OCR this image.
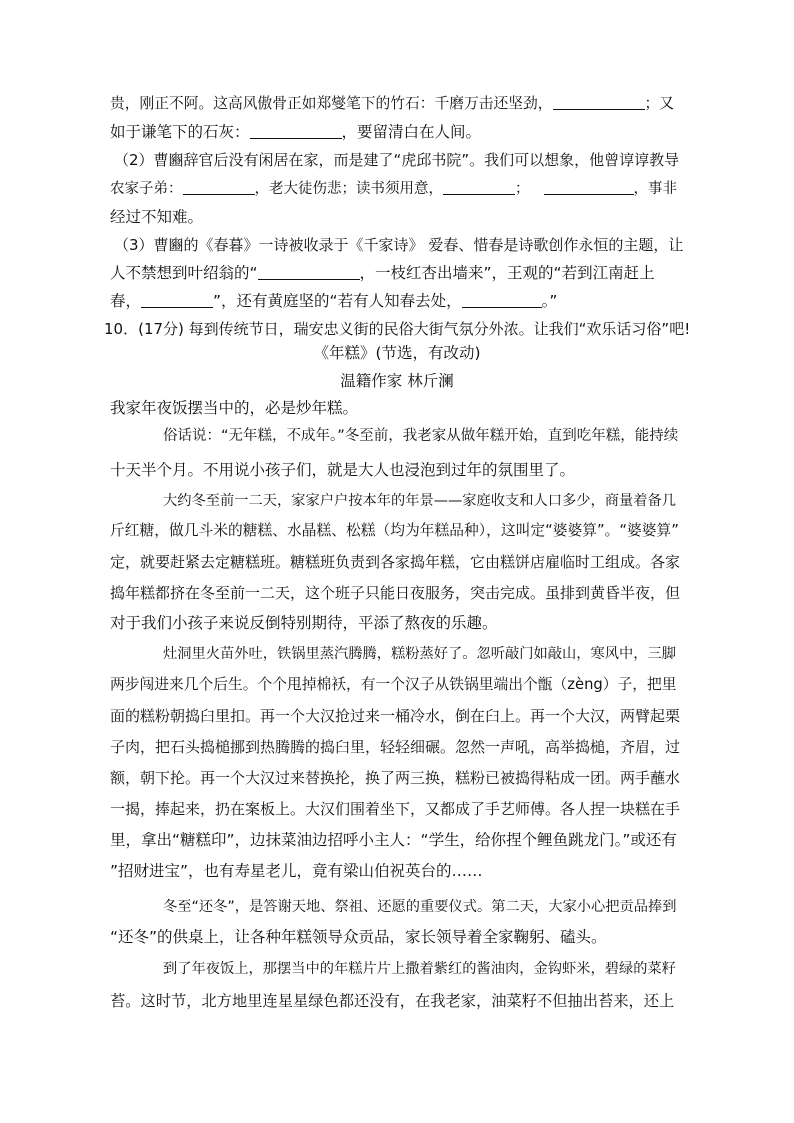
贵，刚正不阿。这高风傲骨正如郑燮笔下的竹石：千磨万击还坚劲，	；又
如于谦笔下的石灰：	，要留清白在人间。
（2）曹豳辞官后没有闲居在家，而是建了“虎邱书院”。我们可以想象，他曾谆谆教导
农家子弟：	，老大徒伤悲；读书须用意，	；	，事非
经过不知难。
（3）曹豳的《春暮》一诗被收录于《千家诗》 爱春、惜春是诗歌创作永恒的主题，让
人不禁想到叶绍翁的“	，一枝红杏出墙来”，王观的“若到江南赶上
春，	”，还有黄庭坚的“若有人知春去处，	。”
10．(17分) 每到传统节日，瑞安忠义街的民俗大街气氛分外浓。让我们“欢乐话习俗”吧!
《年糕》(节选，有改动)
温籍作家 林斤澜
我家年夜饭摆当中的，必是炒年糕。
俗话说：“无年糕，不成年。”冬至前，我老家从做年糕开始，直到吃年糕，能持续
十天半个月。不用说小孩子们，就是大人也浸泡到过年的氛围里了。
大约冬至前一二天，家家户户按本年的年景——家庭收支和人口多少，商量着备几
斤红糖，做几斗米的糖糕、水晶糕、松糕（均为年糕品种），这叫定“婆婆算”。“婆婆算”
定，就要赶紧去定糖糕班。糖糕班负责到各家捣年糕，它由糕饼店雇临时工组成。各家
捣年糕都挤在冬至前一二天，这个班子只能日夜服务，突击完成。虽排到黄昏半夜，但
对于我们小孩子来说反倒特别期待，平添了熬夜的乐趣。
灶洞里火苗外吐，铁锅里蒸汽腾腾，糕粉蒸好了。忽听敲门如敲山，寒风中，三脚
两步闯进来几个后生。个个甩掉棉袄，有一个汉子从铁锅里端出个甑（zèng）子，把里
面的糕粉朝捣臼里扣。再一个大汉抢过来一桶冷水，倒在臼上。再一个大汉，两臂起栗
子肉，把石头捣槌挪到热腾腾的捣臼里，轻轻细碾。忽然一声吼，高举捣槌，齐眉，过
额，朝下抡。再一个大汉过来替换抡，换了两三换，糕粉已被捣得粘成一团。两手蘸水
一揭，捧起来，扔在案板上。大汉们围着坐下，又都成了手艺师傅。各人捏一块糕在手
里，拿出“糖糕印”，边抹菜油边招呼小主人：“学生，给你捏个鲤鱼跳龙门。”或还有
”招财进宝”，也有寿星老儿，竟有梁山伯祝英台的……
冬至“还冬”，是答谢天地、祭祖、还愿的重要仪式。第二天，大家小心把贡品捧到
“还冬”的供桌上，让各种年糕领导众贡品，家长领导着全家鞠躬、磕头。
到了年夜饭上，那摆当中的年糕片片上撒着紫红的酱油肉，金钩虾米，碧绿的菜籽
苔。这时节，北方地里连星星绿色都还没有，在我老家，油菜籽不但抽出苔来，还上
